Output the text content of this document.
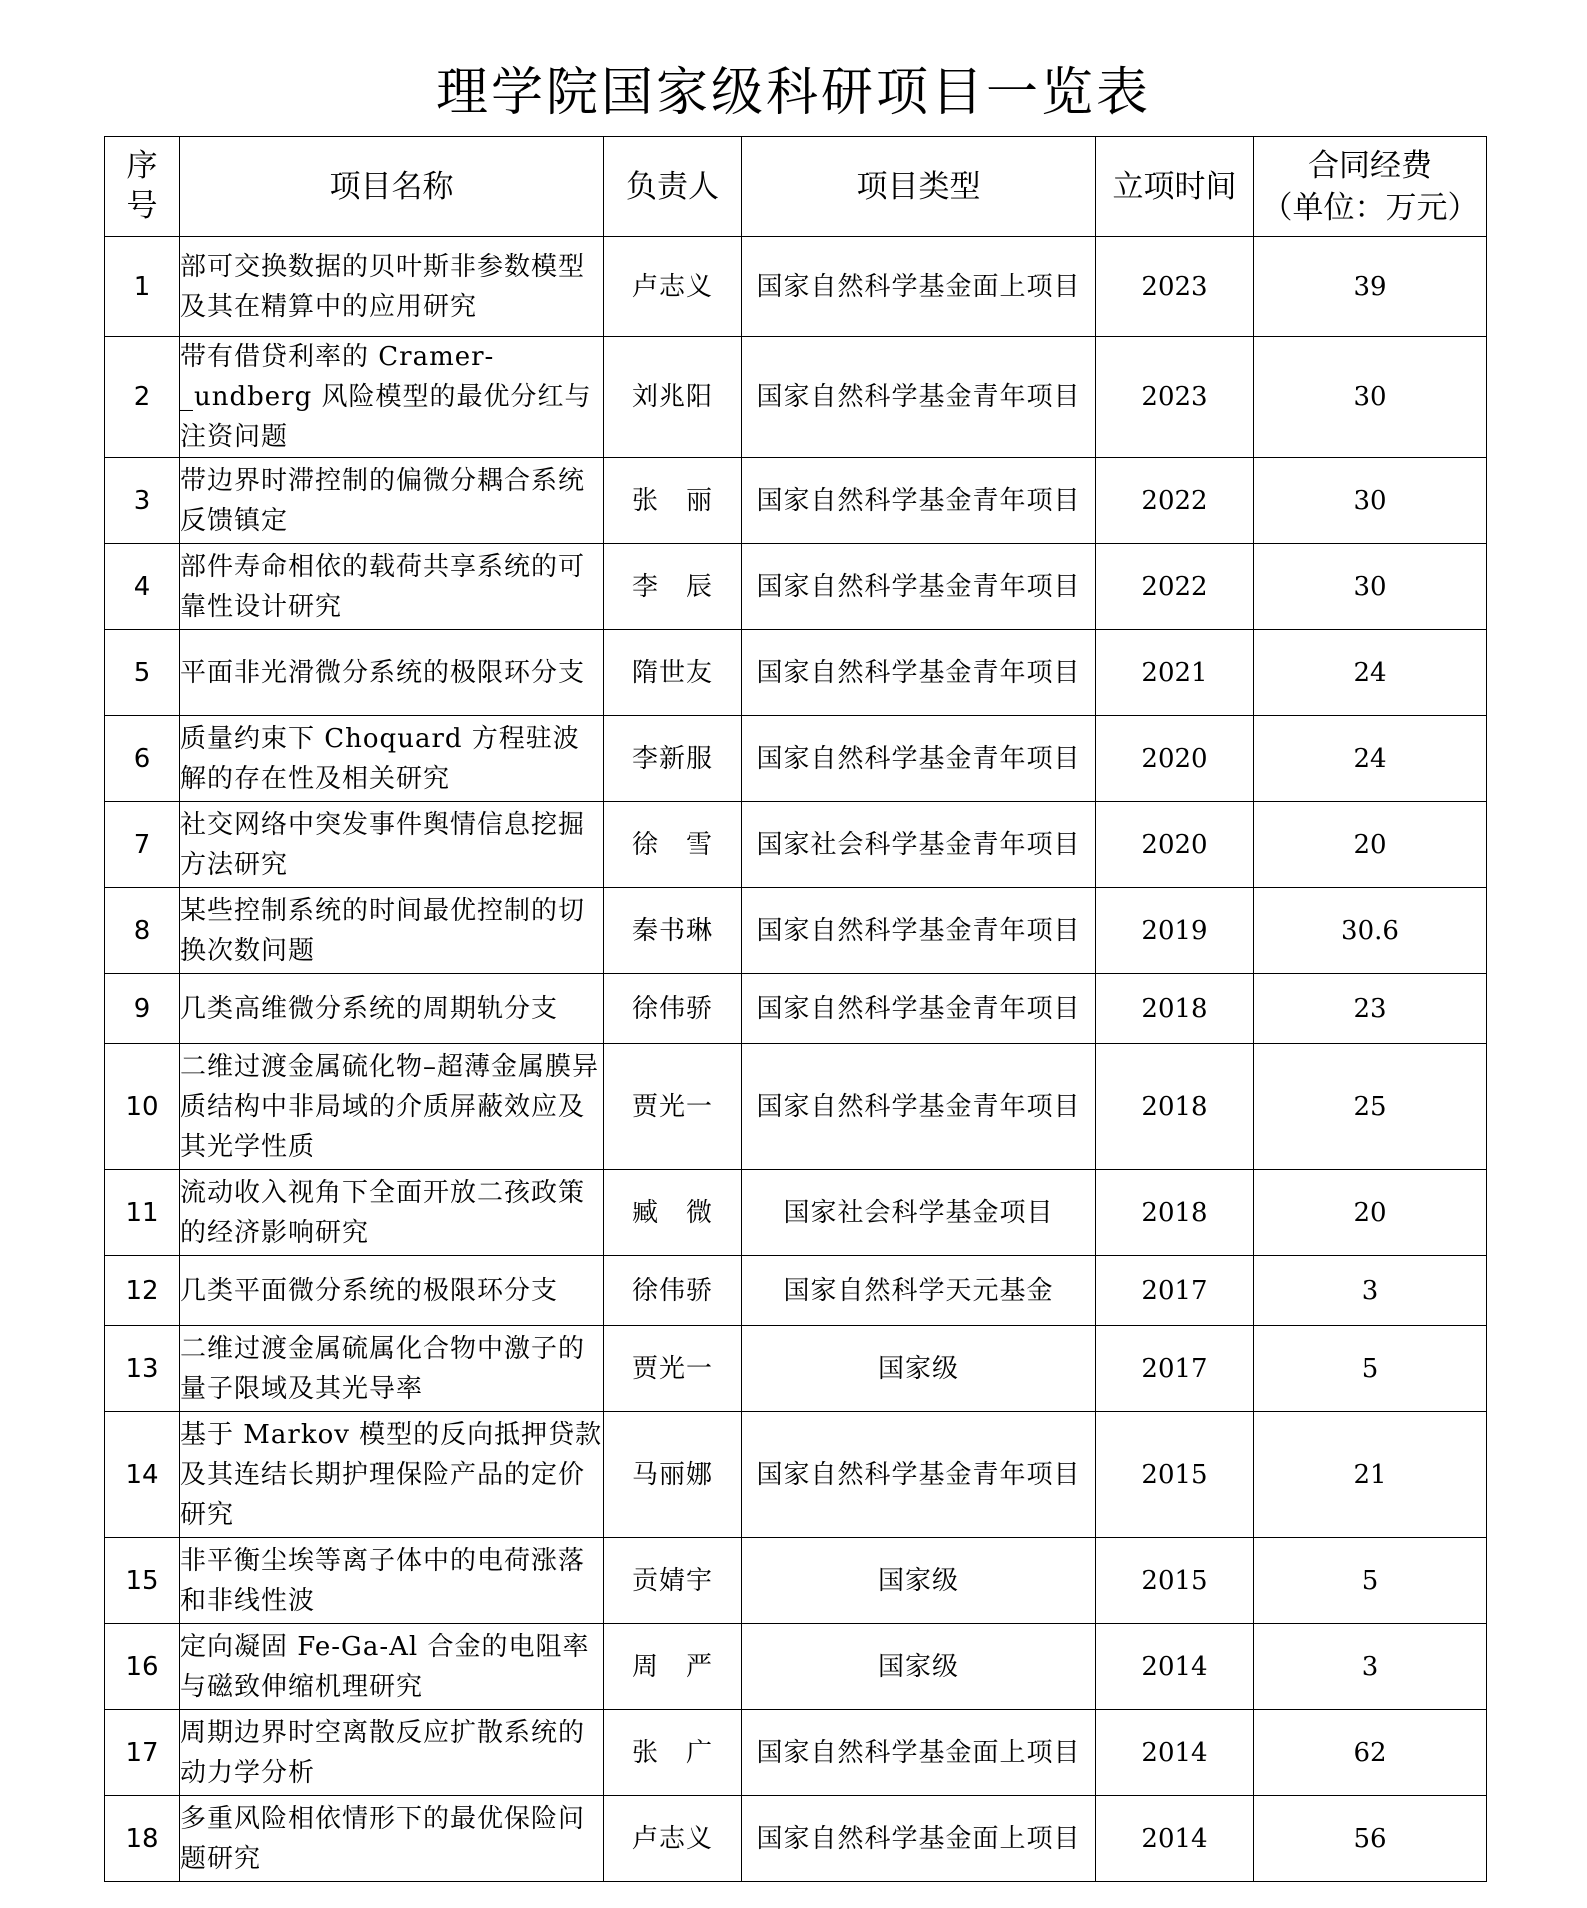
理学院国家级科研项目一览表
序号	项目名称	负责人	项目类型	立项时间	合同经费
（单位：万元）

1	部可交换数据的贝叶斯非参数模型及其在精算中的应用研究	卢志义	国家自然科学基金面上项目	2023	39
2	带有借贷利率的 Cramer-_undberg 风险模型的最优分红与注资问题	刘兆阳	国家自然科学基金青年项目	2023	30
3	带边界时滞控制的偏微分耦合系统反馈镇定	张　丽	国家自然科学基金青年项目	2022	30
4	部件寿命相依的载荷共享系统的可靠性设计研究	李　辰	国家自然科学基金青年项目	2022	30
5	平面非光滑微分系统的极限环分支	隋世友	国家自然科学基金青年项目	2021	24
6	质量约束下 Choquard 方程驻波解的存在性及相关研究	李新服	国家自然科学基金青年项目	2020	24
7	社交网络中突发事件舆情信息挖掘方法研究	徐　雪	国家社会科学基金青年项目	2020	20
8	某些控制系统的时间最优控制的切换次数问题	秦书琳	国家自然科学基金青年项目	2019	30.6
9	几类高维微分系统的周期轨分支	徐伟骄	国家自然科学基金青年项目	2018	23
10	二维过渡金属硫化物–超薄金属膜异质结构中非局域的介质屏蔽效应及其光学性质	贾光一	国家自然科学基金青年项目	2018	25
11	流动收入视角下全面开放二孩政策的经济影响研究	臧　微	国家社会科学基金项目	2018	20
12	几类平面微分系统的极限环分支	徐伟骄	国家自然科学天元基金	2017	3
13	二维过渡金属硫属化合物中激子的量子限域及其光导率	贾光一	国家级	2017	5
14	基于 Markov 模型的反向抵押贷款及其连结长期护理保险产品的定价研究	马丽娜	国家自然科学基金青年项目	2015	21
15	非平衡尘埃等离子体中的电荷涨落和非线性波	贡婧宇	国家级	2015	5
16	定向凝固 Fe-Ga-Al 合金的电阻率与磁致伸缩机理研究	周　严	国家级	2014	3
17	周期边界时空离散反应扩散系统的动力学分析	张　广	国家自然科学基金面上项目	2014	62
18	多重风险相依情形下的最优保险问题研究	卢志义	国家自然科学基金面上项目	2014	56
